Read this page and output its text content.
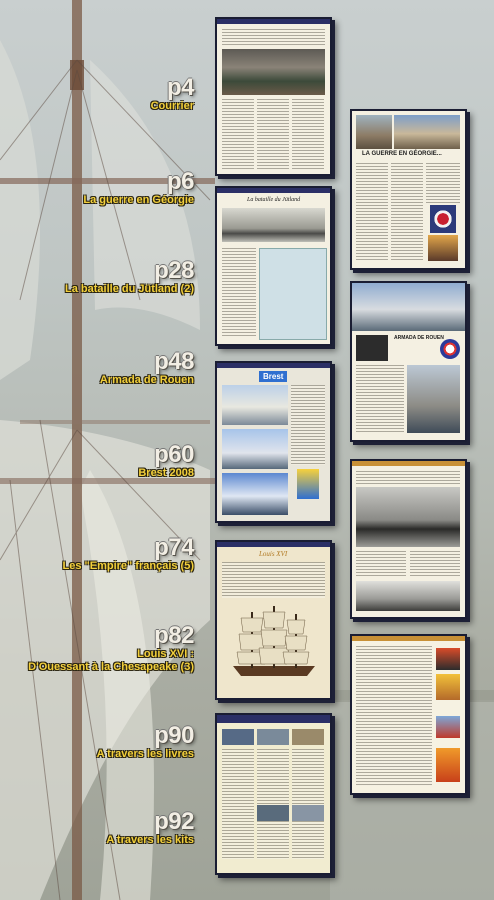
p4
Courrier
p6
La guerre en Géorgie
p28
La bataille du Jütland (2)
p48
Armada de Rouen
p60
Brest 2008
p74
Les "Empire" français (5)
p82
Louis XVI :
D'Ouessant à la Chesapeake (3)
p90
A travers les livres
p92
A travers les kits
La bataille du Jütland
Brest
Louis XVI
LA GUERRE EN GÉORGIE...
ARMADA DE ROUEN
